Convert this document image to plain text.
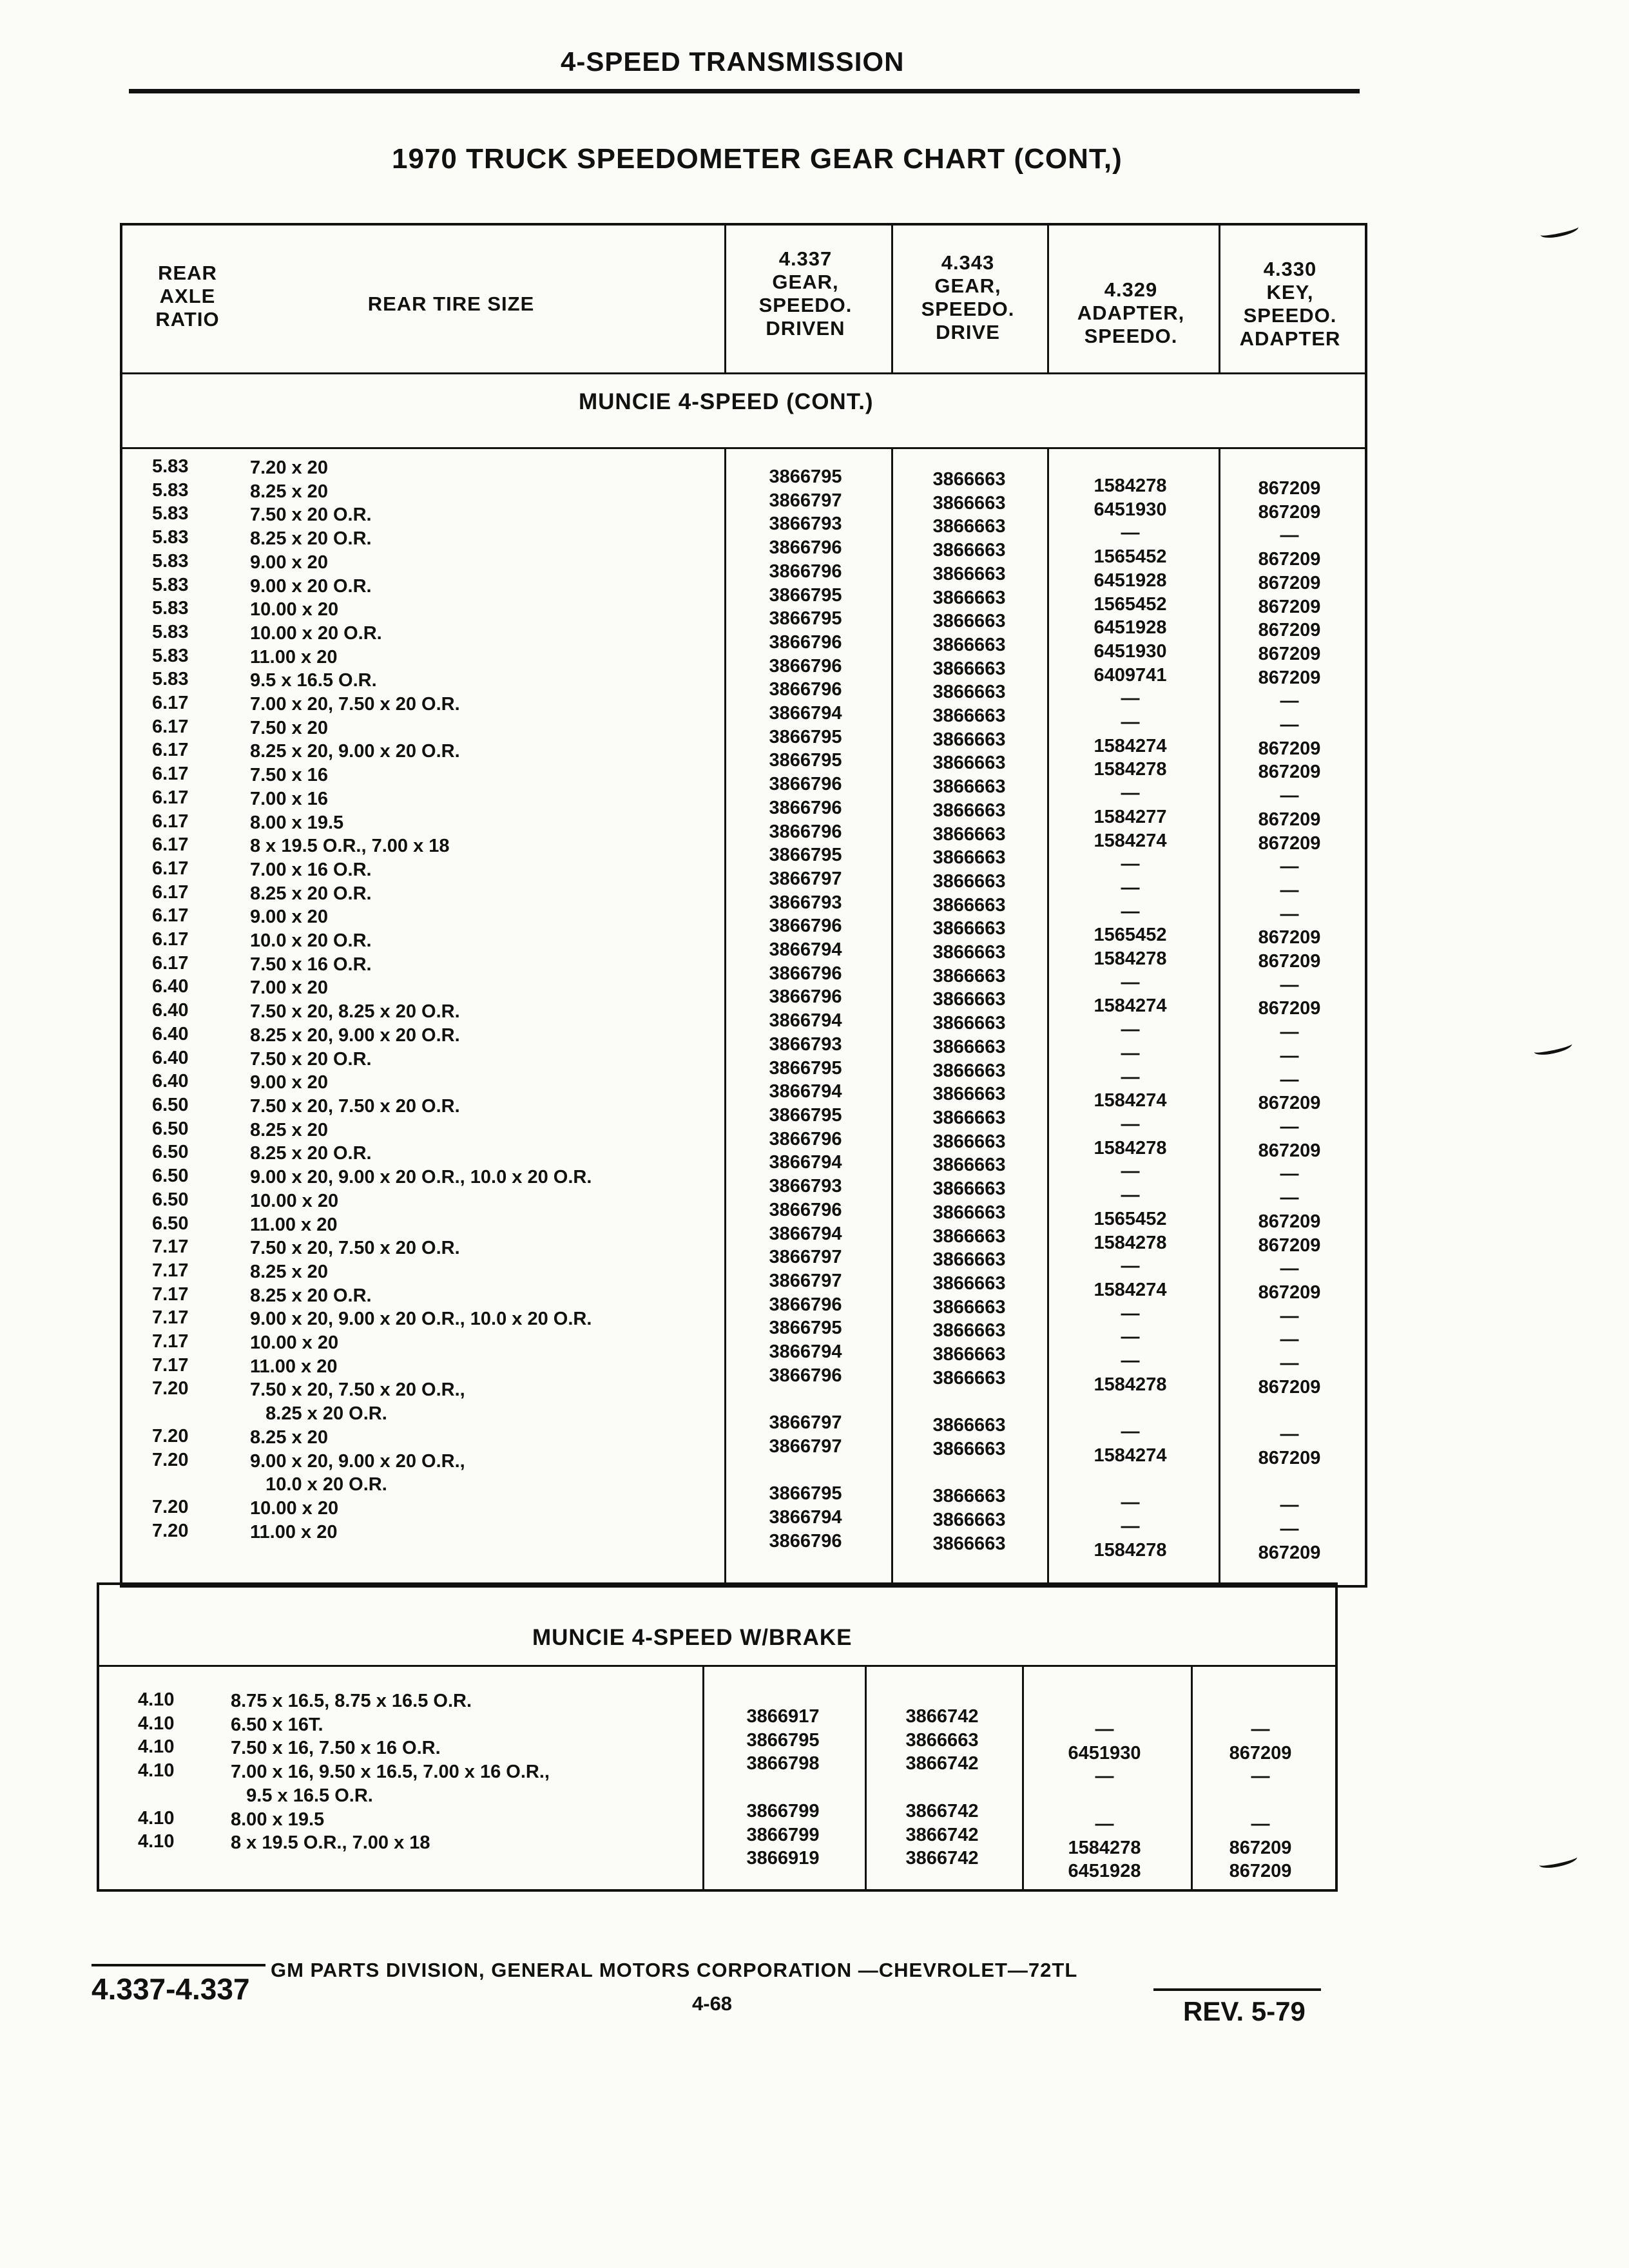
4-SPEED TRANSMISSION
1970 TRUCK SPEEDOMETER GEAR CHART (CONT,)
REAR
AXLE
RATIO
REAR TIRE SIZE
4.337
GEAR,
SPEEDO.
DRIVEN
4.343
GEAR,
SPEEDO.
DRIVE
4.329
ADAPTER,
SPEEDO.
4.330
KEY,
SPEEDO.
ADAPTER
MUNCIE 4-SPEED (CONT.)
5.83
5.83
5.83
5.83
5.83
5.83
5.83
5.83
5.83
5.83
6.17
6.17
6.17
6.17
6.17
6.17
6.17
6.17
6.17
6.17
6.17
6.17
6.40
6.40
6.40
6.40
6.40
6.50
6.50
6.50
6.50
6.50
6.50
7.17
7.17
7.17
7.17
7.17
7.17
7.20

7.20
7.20

7.20
7.20
7.20 x 20
8.25 x 20
7.50 x 20 O.R.
8.25 x 20 O.R.
9.00 x 20
9.00 x 20 O.R.
10.00 x 20
10.00 x 20 O.R.
11.00 x 20
9.5 x 16.5 O.R.
7.00 x 20, 7.50 x 20 O.R.
7.50 x 20
8.25 x 20, 9.00 x 20 O.R.
7.50 x 16
7.00 x 16
8.00 x 19.5
8 x 19.5 O.R., 7.00 x 18
7.00 x 16 O.R.
8.25 x 20 O.R.
9.00 x 20
10.0 x 20 O.R.
7.50 x 16 O.R.
7.00 x 20
7.50 x 20, 8.25 x 20 O.R.
8.25 x 20, 9.00 x 20 O.R.
7.50 x 20 O.R.
9.00 x 20
7.50 x 20, 7.50 x 20 O.R.
8.25 x 20
8.25 x 20 O.R.
9.00 x 20, 9.00 x 20 O.R., 10.0 x 20 O.R.
10.00 x 20
11.00 x 20
7.50 x 20, 7.50 x 20 O.R.
8.25 x 20
8.25 x 20 O.R.
9.00 x 20, 9.00 x 20 O.R., 10.0 x 20 O.R.
10.00 x 20
11.00 x 20
7.50 x 20, 7.50 x 20 O.R.,
8.25 x 20 O.R.
8.25 x 20
9.00 x 20, 9.00 x 20 O.R.,
10.0 x 20 O.R.
10.00 x 20
11.00 x 20
3866795
3866797
3866793
3866796
3866796
3866795
3866795
3866796
3866796
3866796
3866794
3866795
3866795
3866796
3866796
3866796
3866795
3866797
3866793
3866796
3866794
3866796
3866796
3866794
3866793
3866795
3866794
3866795
3866796
3866794
3866793
3866796
3866794
3866797
3866797
3866796
3866795
3866794
3866796

3866797
3866797

3866795
3866794
3866796
3866663
3866663
3866663
3866663
3866663
3866663
3866663
3866663
3866663
3866663
3866663
3866663
3866663
3866663
3866663
3866663
3866663
3866663
3866663
3866663
3866663
3866663
3866663
3866663
3866663
3866663
3866663
3866663
3866663
3866663
3866663
3866663
3866663
3866663
3866663
3866663
3866663
3866663
3866663

3866663
3866663

3866663
3866663
3866663
1584278
6451930
—
1565452
6451928
1565452
6451928
6451930
6409741
—
—
1584274
1584278
—
1584277
1584274
—
—
—
1565452
1584278
—
1584274
—
—
—
1584274
—
1584278
—
—
1565452
1584278
—
1584274
—
—
—
1584278

—
1584274

—
—
1584278
867209
867209
—
867209
867209
867209
867209
867209
867209
—
—
867209
867209
—
867209
867209
—
—
—
867209
867209
—
867209
—
—
—
867209
—
867209
—
—
867209
867209
—
867209
—
—
—
867209

—
867209

—
—
867209
MUNCIE 4-SPEED W/BRAKE
4.10
4.10
4.10
4.10

4.10
4.10
8.75 x 16.5, 8.75 x 16.5 O.R.
6.50 x 16T.
7.50 x 16, 7.50 x 16 O.R.
7.00 x 16, 9.50 x 16.5, 7.00 x 16 O.R.,
9.5 x 16.5 O.R.
8.00 x 19.5
8 x 19.5 O.R., 7.00 x 18
3866917
3866795
3866798

3866799
3866799
3866919
3866742
3866663
3866742

3866742
3866742
3866742
—
6451930
—

—
1584278
6451928
—
867209
—

—
867209
867209
4.337-4.337
GM PARTS DIVISION, GENERAL MOTORS CORPORATION —CHEVROLET—72TL
4-68	REV. 5-79
